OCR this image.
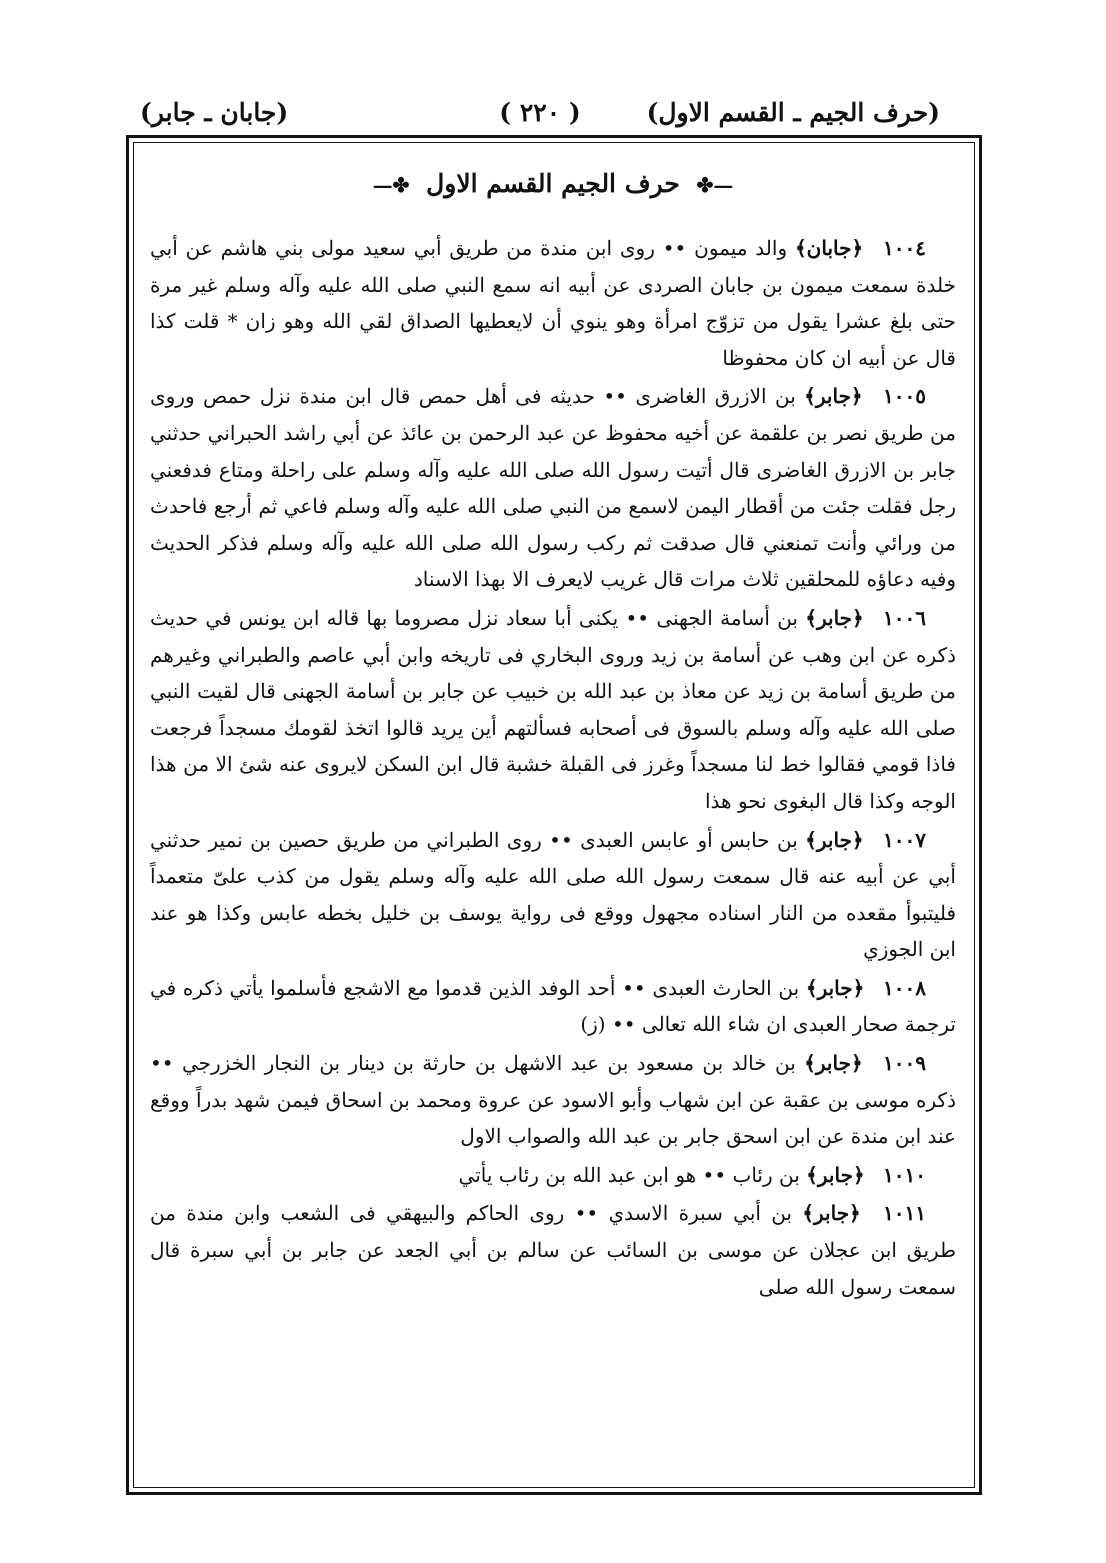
(حرف الجيم ـ القسم الاول)
( ٢٢٠ )
(جابان ـ جابر)
—✤ حرف الجيم القسم الاول ✤—

١٠٠٤ ﴿جابان﴾ والد ميمون •• روى ابن مندة من طريق أبي سعيد مولى بني هاشم عن أبي خلدة سمعت ميمون بن جابان الصردى عن أبيه انه سمع النبي صلى الله عليه وآله وسلم غير مرة حتى بلغ عشرا يقول من تزوّج امرأة وهو ينوي أن لايعطيها الصداق لقي الله وهو زان * قلت كذا قال عن أبيه ان كان محفوظا

١٠٠٥ ﴿جابر﴾ بن الازرق الغاضرى •• حديثه فى أهل حمص قال ابن مندة نزل حمص وروى من طريق نصر بن علقمة عن أخيه محفوظ عن عبد الرحمن بن عائذ عن أبي راشد الحبراني حدثني جابر بن الازرق الغاضرى قال أتيت رسول الله صلى الله عليه وآله وسلم على راحلة ومتاع فدفعني رجل فقلت جئت من أقطار اليمن لاسمع من النبي صلى الله عليه وآله وسلم فاعي ثم أرجع فاحدث من ورائي وأنت تمنعني قال صدقت ثم ركب رسول الله صلى الله عليه وآله وسلم فذكر الحديث وفيه دعاؤه للمحلقين ثلاث مرات قال غريب لايعرف الا بهذا الاسناد

١٠٠٦ ﴿جابر﴾ بن أسامة الجهنى •• يكنى أبا سعاد نزل مصروما بها قاله ابن يونس في حديث ذكره عن ابن وهب عن أسامة بن زيد وروى البخاري فى تاريخه وابن أبي عاصم والطبراني وغيرهم من طريق أسامة بن زيد عن معاذ بن عبد الله بن خبيب عن جابر بن أسامة الجهنى قال لقيت النبي صلى الله عليه وآله وسلم بالسوق فى أصحابه فسألتهم أين يريد قالوا اتخذ لقومك مسجداً فرجعت فاذا قومي فقالوا خط لنا مسجداً وغرز فى القبلة خشبة قال ابن السكن لايروى عنه شئ الا من هذا الوجه وكذا قال البغوى نحو هذا

١٠٠٧ ﴿جابر﴾ بن حابس أو عابس العبدى •• روى الطبراني من طريق حصين بن نمير حدثني أبي عن أبيه عنه قال سمعت رسول الله صلى الله عليه وآله وسلم يقول من كذب علىّ متعمداً فليتبوأ مقعده من النار اسناده مجهول ووقع فى رواية يوسف بن خليل بخطه عابس وكذا هو عند ابن الجوزي

١٠٠٨ ﴿جابر﴾ بن الحارث العبدى •• أحد الوفد الذين قدموا مع الاشجع فأسلموا يأتي ذكره في ترجمة صحار العبدى ان شاء الله تعالى •• (ز)

١٠٠٩ ﴿جابر﴾ بن خالد بن مسعود بن عبد الاشهل بن حارثة بن دينار بن النجار الخزرجي •• ذكره موسى بن عقبة عن ابن شهاب وأبو الاسود عن عروة ومحمد بن اسحاق فيمن شهد بدراً ووقع عند ابن مندة عن ابن اسحق جابر بن عبد الله والصواب الاول

١٠١٠ ﴿جابر﴾ بن رئاب •• هو ابن عبد الله بن رئاب يأتي

١٠١١ ﴿جابر﴾ بن أبي سبرة الاسدي •• روى الحاكم والبيهقي فى الشعب وابن مندة من طريق ابن عجلان عن موسى بن السائب عن سالم بن أبي الجعد عن جابر بن أبي سبرة قال سمعت رسول الله صلى
